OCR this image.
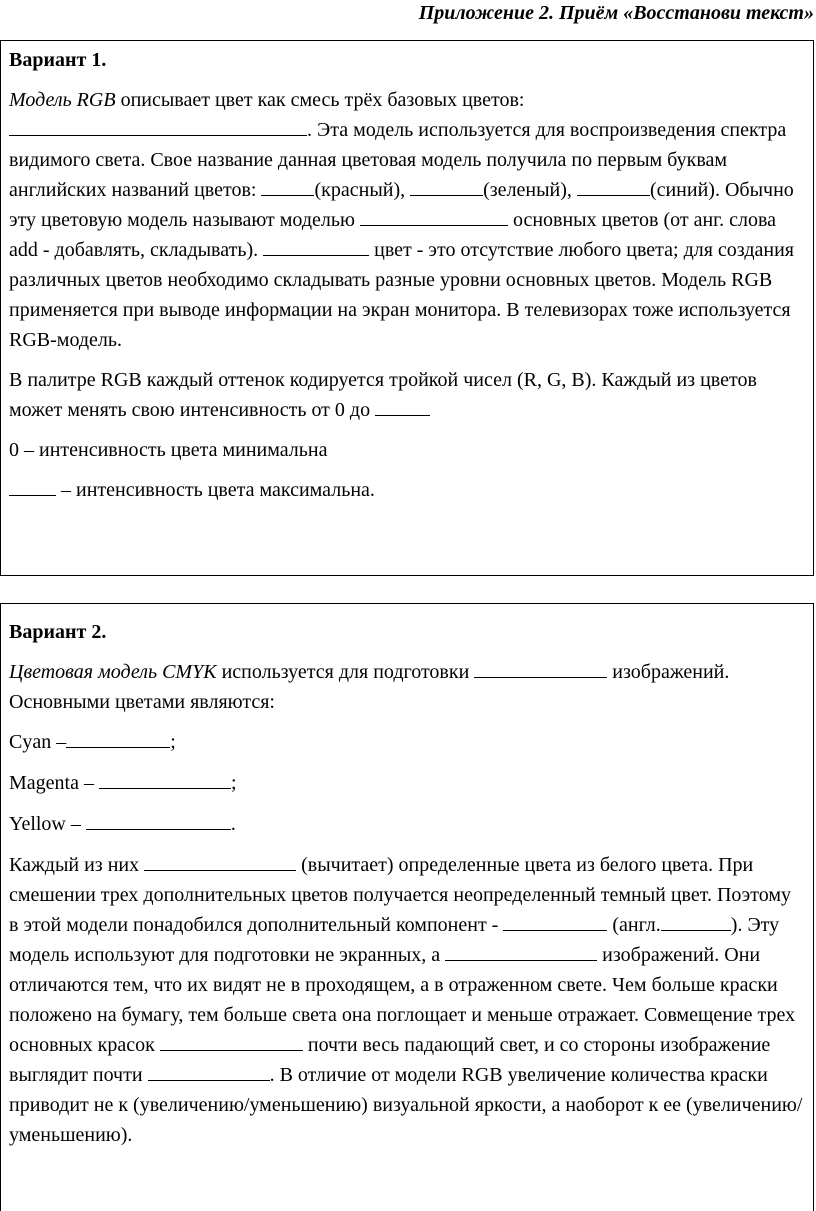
Приложение 2. Приём «Восстанови текст»

Вариант 1.

Модель RGB описывает цвет как смесь трёх базовых цветов: . Эта модель используется для воспроизведения спектра видимого света. Свое название данная цветовая модель получила по первым буквам английских названий цветов:	(красный),	(зеленый),	(синий). Обычно эту цветовую модель называют моделью	основных цветов (от анг. слова add - добавлять, складывать).	цвет - это отсутствие любого цвета; для создания различных цветов необходимо складывать разные уровни основных цветов. Модель RGB применяется при выводе информации на экран монитора. В телевизорах тоже используется RGB-модель.

В палитре RGB каждый оттенок кодируется тройкой чисел (R, G, B). Каждый из цветов может менять свою интенсивность от 0 до

0 – интенсивность цвета минимальна

– интенсивность цвета максимальна.

Вариант 2.

Цветовая модель CMYK используется для подготовки	изображений. Основными цветами являются:

Cyan –	;

Magenta –	;

Yellow –	.

Каждый из них	(вычитает) определенные цвета из белого цвета. При смешении трех дополнительных цветов получается неопределенный темный цвет. Поэтому в этой модели понадобился дополнительный компонент -	(англ.	). Эту модель используют для подготовки не экранных, а	изображений. Они отличаются тем, что их видят не в проходящем, а в отраженном свете. Чем больше краски положено на бумагу, тем больше света она поглощает и меньше отражает. Совмещение трех основных красок	почти весь падающий свет, и со стороны изображение выглядит почти	. В отличие от модели RGB увеличение количества краски приводит не к (увеличению/уменьшению) визуальной яркости, а наоборот к ее (увеличению/уменьшению).
